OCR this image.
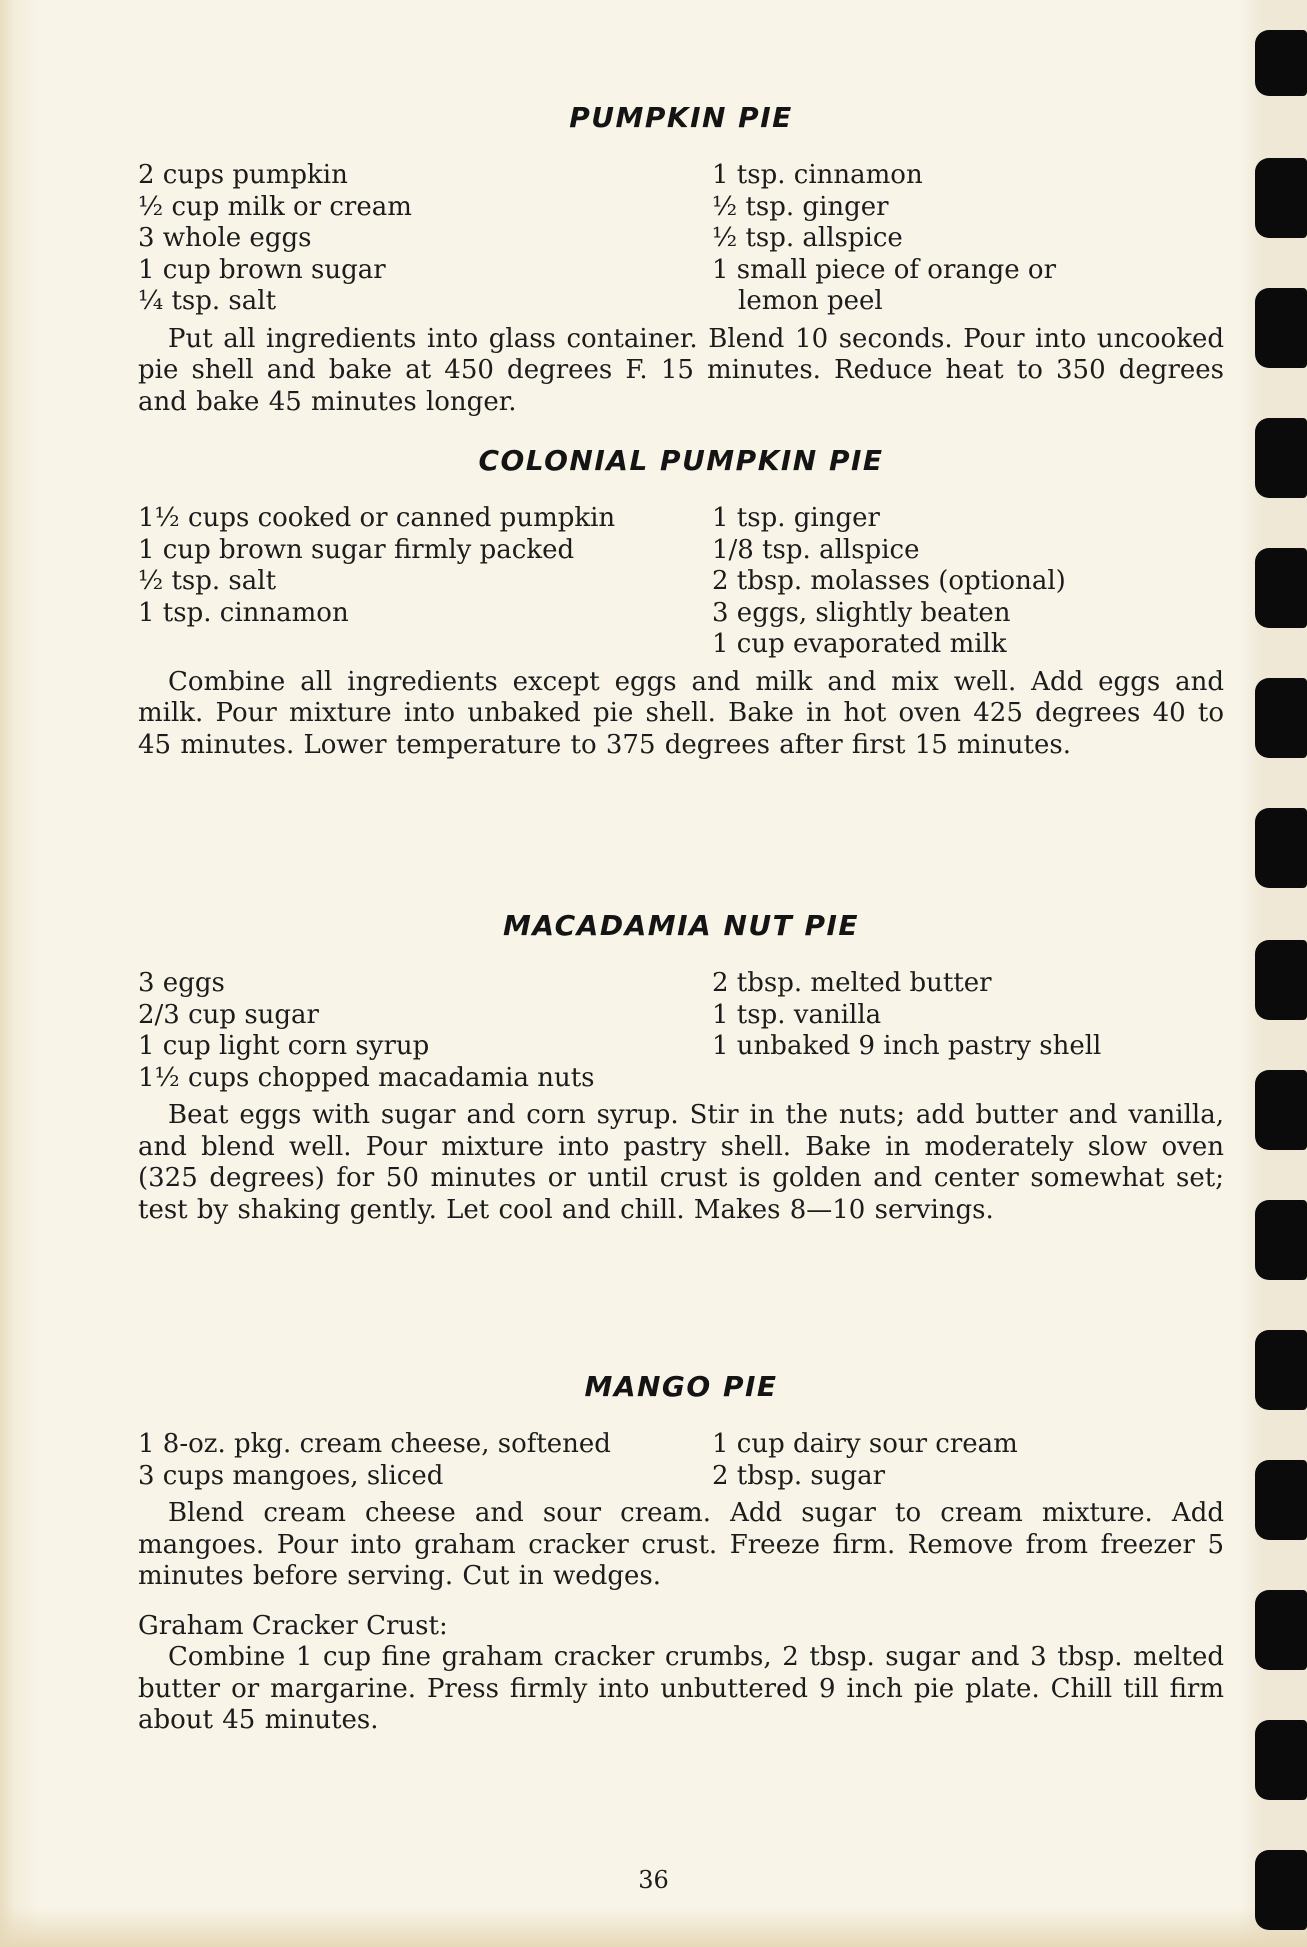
PUMPKIN PIE
2 cups pumpkin
½ cup milk or cream
3 whole eggs
1 cup brown sugar
¼ tsp. salt
1 tsp. cinnamon
½ tsp. ginger
½ tsp. allspice
1 small piece of orange or
lemon peel
Put all ingredients into glass container. Blend 10 seconds. Pour into uncooked pie shell and bake at 450 degrees F. 15 minutes. Reduce heat to 350 degrees and bake 45 minutes longer.
COLONIAL PUMPKIN PIE
1½ cups cooked or canned pumpkin
1 cup brown sugar firmly packed
½ tsp. salt
1 tsp. cinnamon
1 tsp. ginger
1/8 tsp. allspice
2 tbsp. molasses (optional)
3 eggs, slightly beaten
1 cup evaporated milk
Combine all ingredients except eggs and milk and mix well. Add eggs and milk. Pour mixture into unbaked pie shell. Bake in hot oven 425 degrees 40 to 45 minutes. Lower temperature to 375 degrees after first 15 minutes.
MACADAMIA NUT PIE
3 eggs
2/3 cup sugar
1 cup light corn syrup
1½ cups chopped macadamia nuts
2 tbsp. melted butter
1 tsp. vanilla
1 unbaked 9 inch pastry shell
Beat eggs with sugar and corn syrup. Stir in the nuts; add butter and vanilla, and blend well. Pour mixture into pastry shell. Bake in moderately slow oven (325 degrees) for 50 minutes or until crust is golden and center somewhat set; test by shaking gently. Let cool and chill. Makes 8—10 servings.
MANGO PIE
1 8-oz. pkg. cream cheese, softened
3 cups mangoes, sliced
1 cup dairy sour cream
2 tbsp. sugar
Blend cream cheese and sour cream. Add sugar to cream mixture. Add mangoes. Pour into graham cracker crust. Freeze firm. Remove from freezer 5 minutes before serving. Cut in wedges.
Graham Cracker Crust:
Combine 1 cup fine graham cracker crumbs, 2 tbsp. sugar and 3 tbsp. melted butter or margarine. Press firmly into unbuttered 9 inch pie plate. Chill till firm about 45 minutes.
36
